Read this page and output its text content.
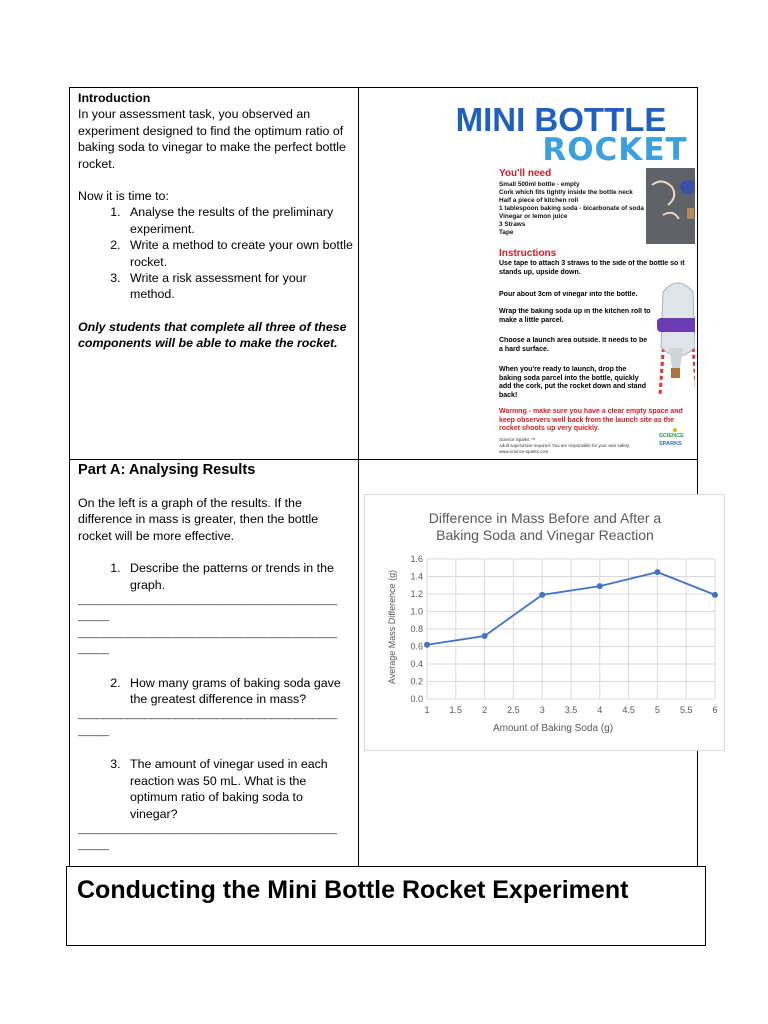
Introduction
In your assessment task, you observed an experiment designed to find the optimum ratio of baking soda to vinegar to make the perfect bottle rocket.
Now it is time to:
1. Analyse the results of the preliminary experiment.
2. Write a method to create your own bottle rocket.
3. Write a risk assessment for your method.
Only students that complete all three of these components will be able to make the rocket.
MINI BOTTLE
ROCKET
You'll need
Small 500ml bottle - empty
Cork which fits tightly inside the bottle neck
Half a piece of kitchen roll
1 tablespoon baking soda - bicarbonate of soda
Vinegar or lemon juice
3 Straws
Tape
Instructions
Use tape to attach 3 straws to the side of the bottle so it stands up, upside down.
Pour about 3cm of vinegar into the bottle.
Wrap the baking soda up in the kitchen roll to make a little parcel.
Choose a launch area outside. It needs to be a hard surface.
When you're ready to launch, drop the baking soda parcel into the bottle, quickly add the cork, put the rocket down and stand back!
Warning - make sure you have a clear empty space and keep observers well back from the launch site as the rocket shoots up very quickly.
Science Sparks ™
Adult supervision required. You are responsible for your own safety.
www.science-sparks.com
SCIENCE
SPARKS
Part A: Analysing Results
On the left is a graph of the results. If the difference in mass is greater, then the bottle rocket will be more effective.
1. Describe the patterns or trends in the graph.
___________________________________________
_____
___________________________________________
_____
2. How many grams of baking soda gave the greatest difference in mass?
___________________________________________
_____
3. The amount of vinegar used in each reaction was 50 mL. What is the optimum ratio of baking soda to vinegar?
___________________________________________
_____
Difference in Mass Before and After a
Baking Soda and Vinegar Reaction
0.0
0.2
0.4
0.6
0.8
1.0
1.2
1.4
1.6
1 1.5 2 2.5 3 3.5 4 4.5 5 5.5 6
Amount of Baking Soda (g)
Average Mass Difference (g)
Conducting the Mini Bottle Rocket Experiment
